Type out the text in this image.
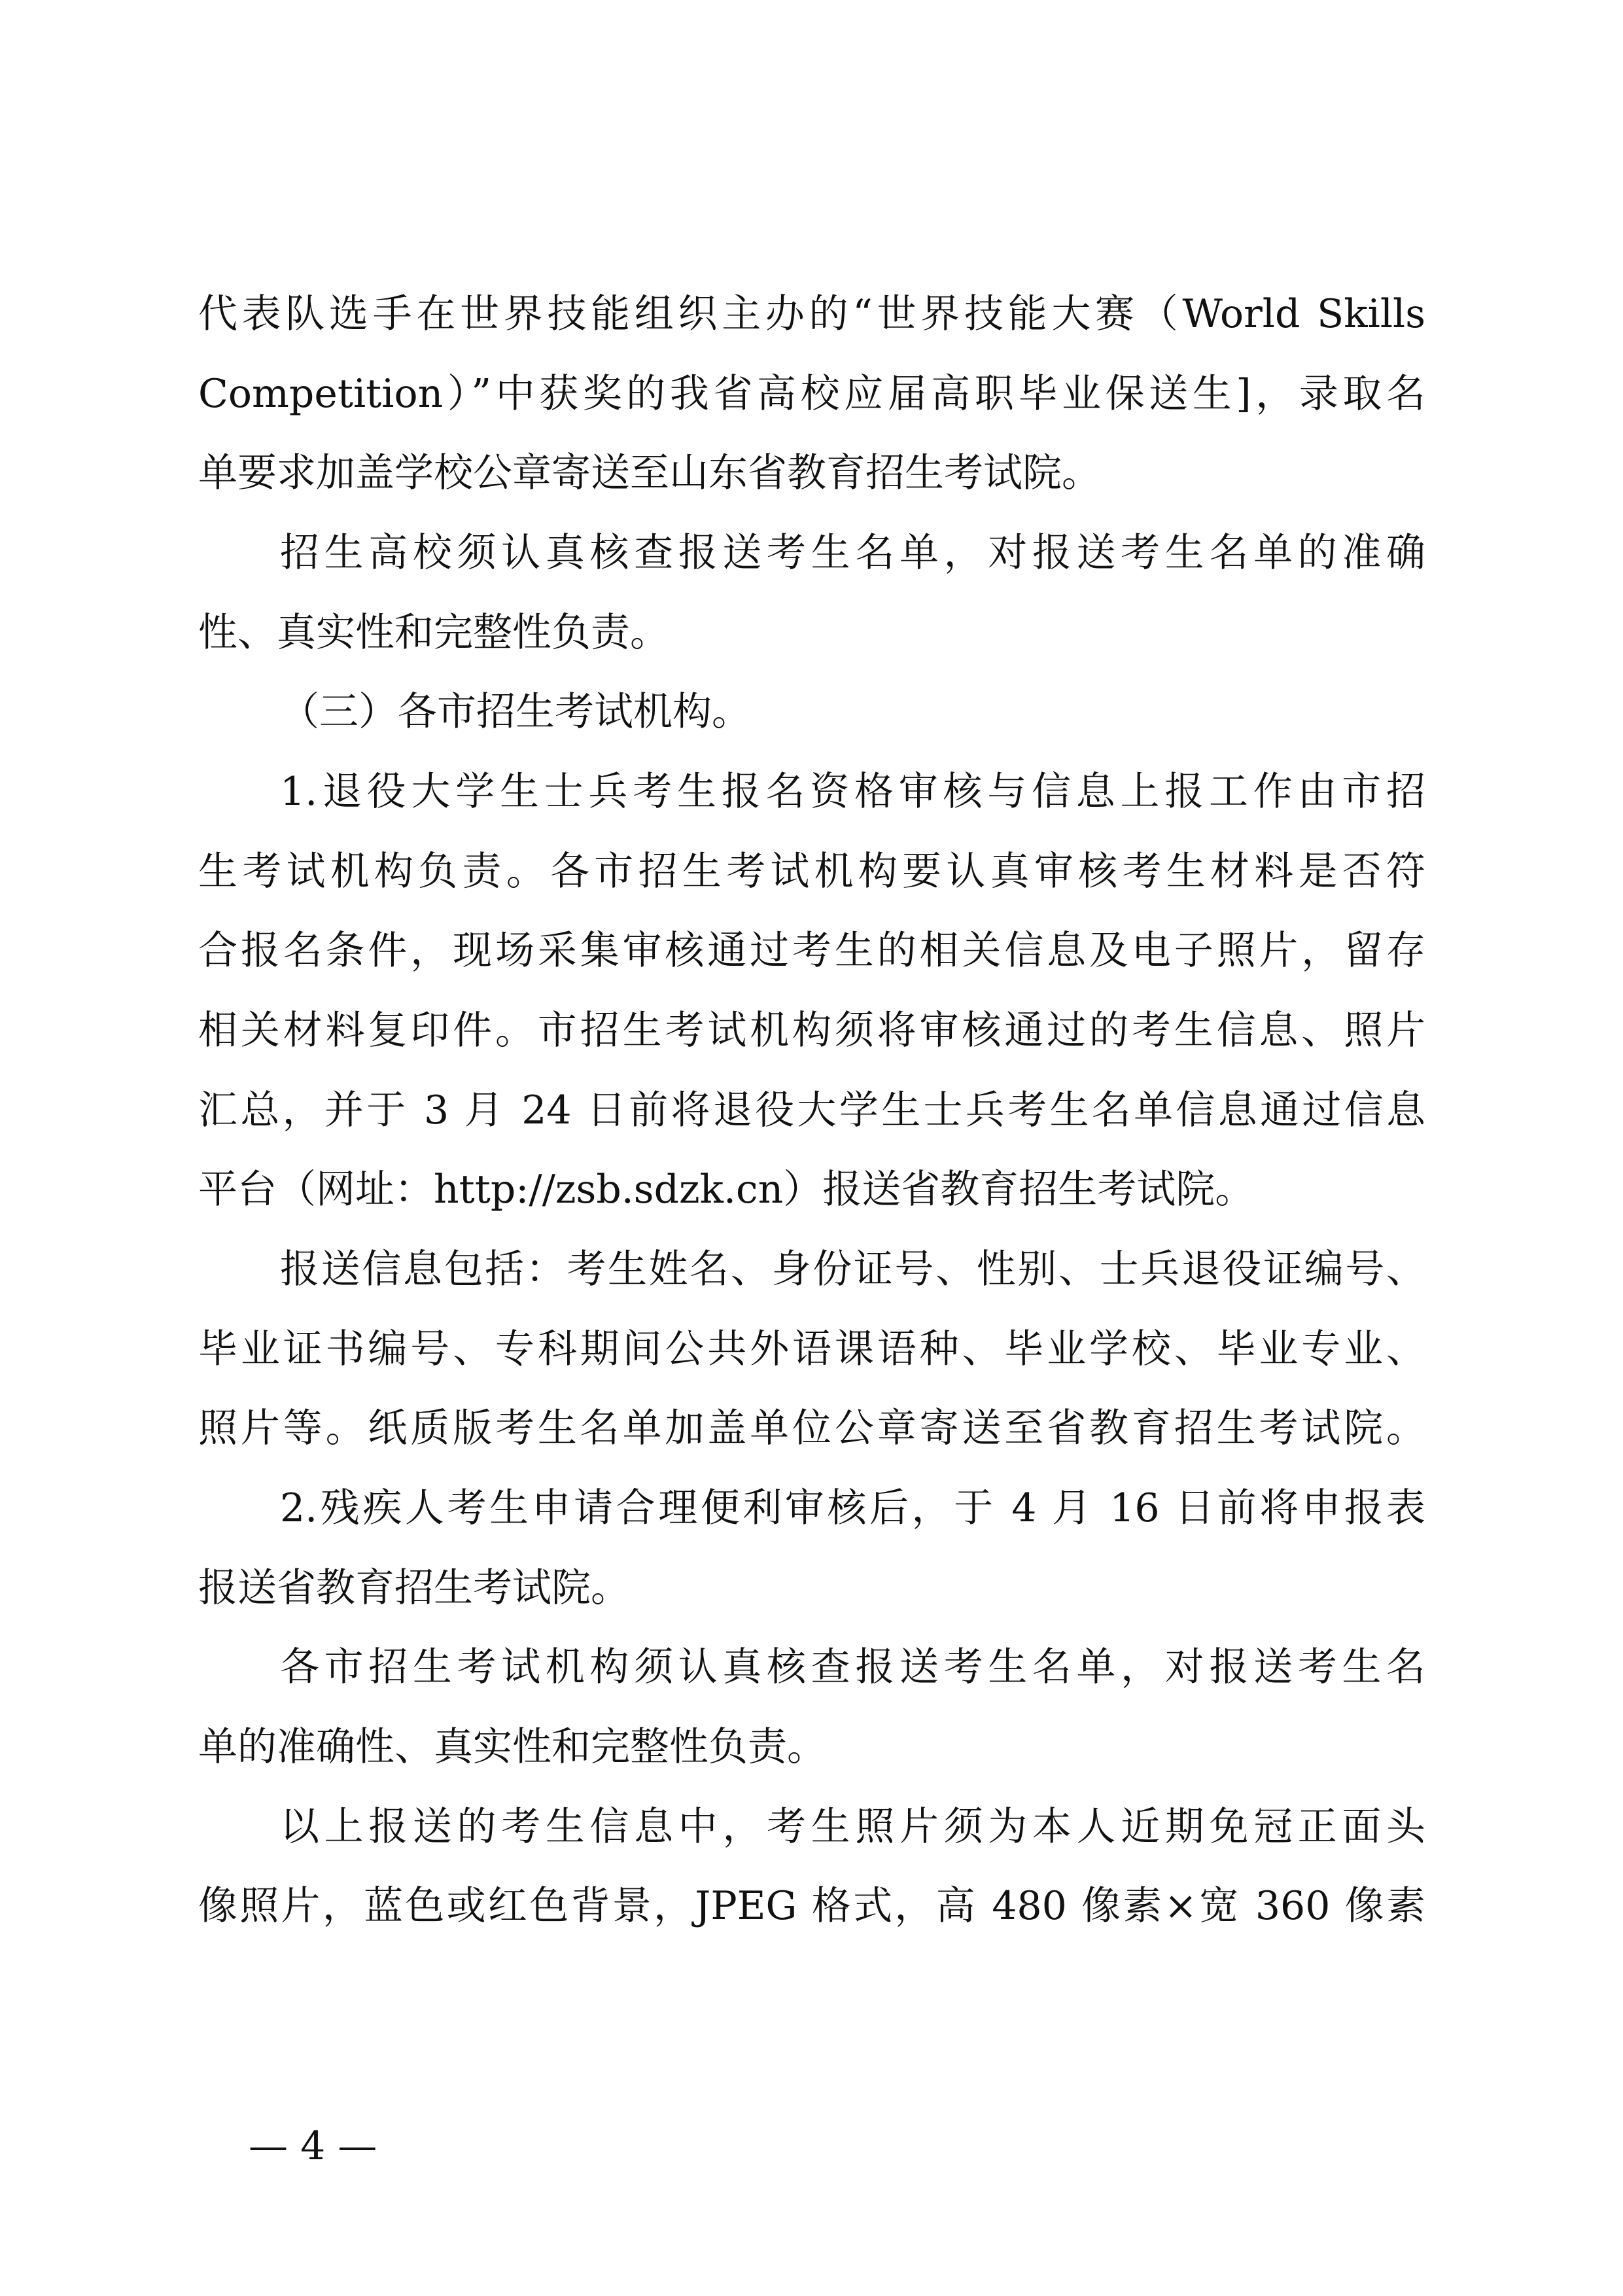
代表队选手在世界技能组织主办的“世界技能大赛（World Skills
Competition）”中获奖的我省高校应届高职毕业保送生]，录取名
单要求加盖学校公章寄送至山东省教育招生考试院。
招生高校须认真核查报送考生名单，对报送考生名单的准确
性、真实性和完整性负责。
（三）各市招生考试机构。
1.退役大学生士兵考生报名资格审核与信息上报工作由市招
生考试机构负责。各市招生考试机构要认真审核考生材料是否符
合报名条件，现场采集审核通过考生的相关信息及电子照片，留存
相关材料复印件。市招生考试机构须将审核通过的考生信息、照片
汇总，并于 3 月 24 日前将退役大学生士兵考生名单信息通过信息
平台（网址：http://zsb.sdzk.cn）报送省教育招生考试院。
报送信息包括：考生姓名、身份证号、性别、士兵退役证编号、
毕业证书编号、专科期间公共外语课语种、毕业学校、毕业专业、
照片等。纸质版考生名单加盖单位公章寄送至省教育招生考试院。
2.残疾人考生申请合理便利审核后，于 4 月 16 日前将申报表
报送省教育招生考试院。
各市招生考试机构须认真核查报送考生名单，对报送考生名
单的准确性、真实性和完整性负责。
以上报送的考生信息中，考生照片须为本人近期免冠正面头
像照片，蓝色或红色背景，JPEG 格式，高 480 像素×宽 360 像素
— 4 —
